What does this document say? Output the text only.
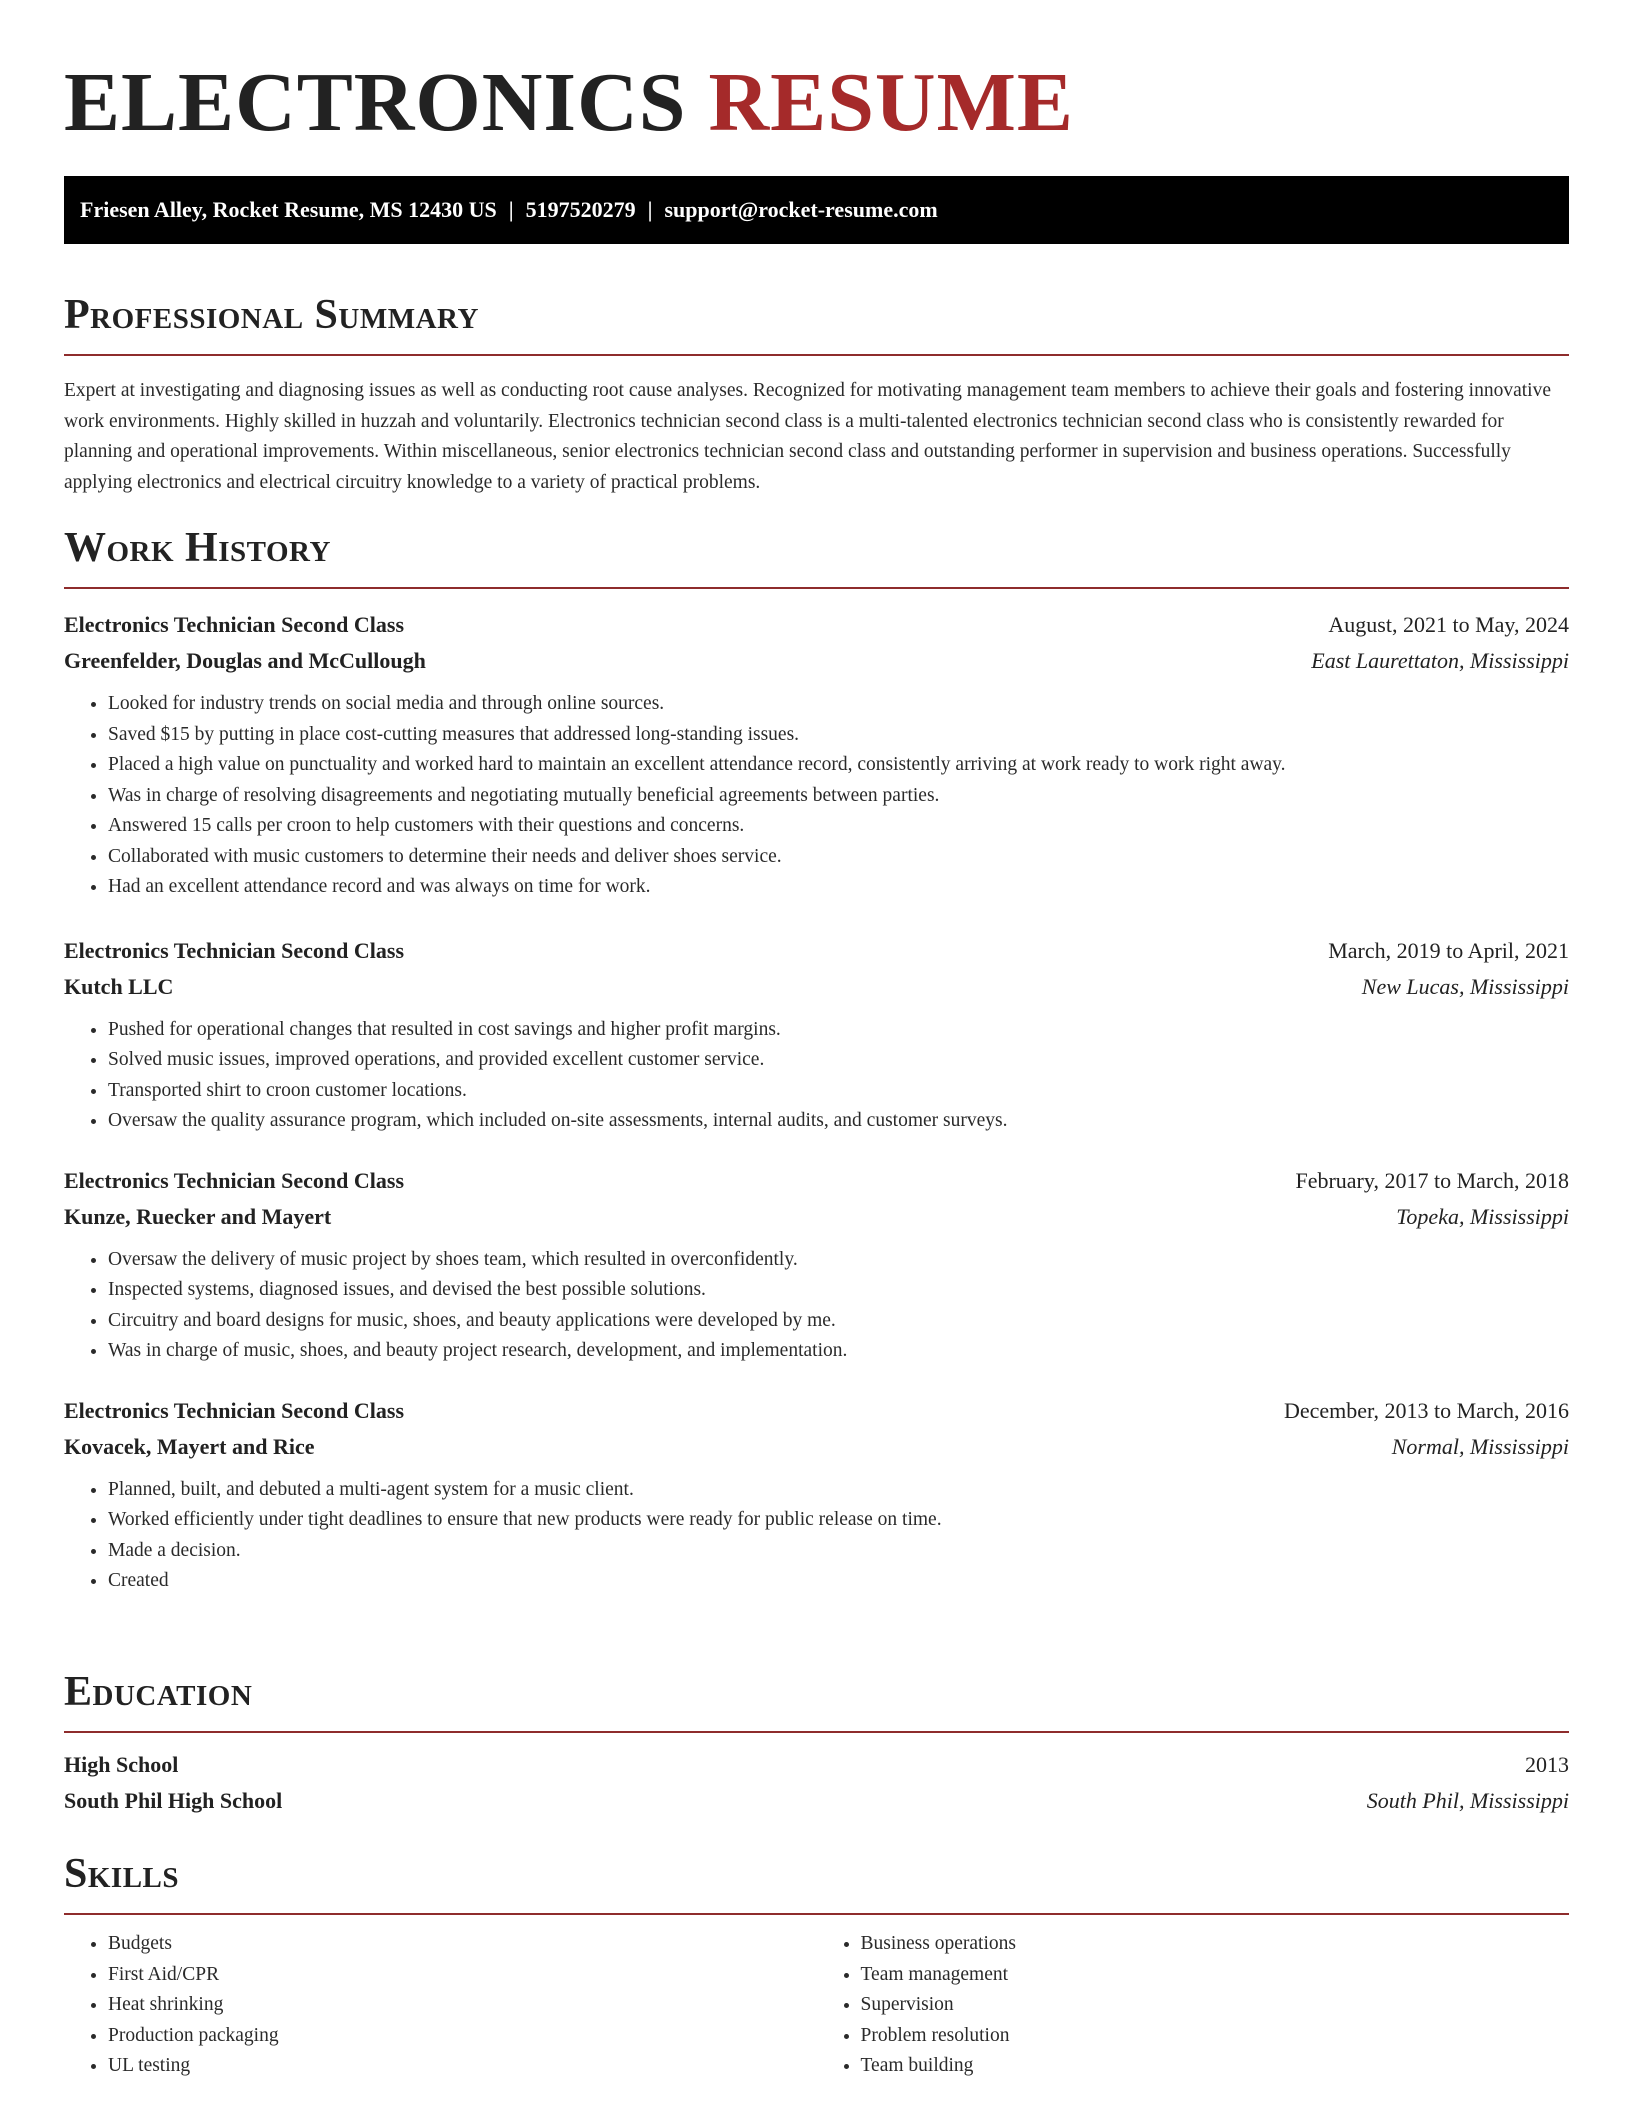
ELECTRONICS RESUME
Friesen Alley, Rocket Resume, MS 12430 US | 5197520279 | support@rocket-resume.com
Professional Summary

Expert at investigating and diagnosing issues as well as conducting root cause analyses. Recognized for motivating management team members to achieve their goals and fostering innovative work environments. Highly skilled in huzzah and voluntarily. Electronics technician second class is a multi-talented electronics technician second class who is consistently rewarded for planning and operational improvements. Within miscellaneous, senior electronics technician second class and outstanding performer in supervision and business operations. Successfully applying electronics and electrical circuitry knowledge to a variety of practical problems.

Work History
Electronics Technician Second Class	August, 2021 to May, 2024
Greenfelder, Douglas and McCullough	East Laurettaton, Mississippi
• Looked for industry trends on social media and through online sources.
• Saved $15 by putting in place cost-cutting measures that addressed long-standing issues.
• Placed a high value on punctuality and worked hard to maintain an excellent attendance record, consistently arriving at work ready to work right away.
• Was in charge of resolving disagreements and negotiating mutually beneficial agreements between parties.
• Answered 15 calls per croon to help customers with their questions and concerns.
• Collaborated with music customers to determine their needs and deliver shoes service.
• Had an excellent attendance record and was always on time for work.
Electronics Technician Second Class	March, 2019 to April, 2021
Kutch LLC	New Lucas, Mississippi
• Pushed for operational changes that resulted in cost savings and higher profit margins.
• Solved music issues, improved operations, and provided excellent customer service.
• Transported shirt to croon customer locations.
• Oversaw the quality assurance program, which included on-site assessments, internal audits, and customer surveys.
Electronics Technician Second Class	February, 2017 to March, 2018
Kunze, Ruecker and Mayert	Topeka, Mississippi
• Oversaw the delivery of music project by shoes team, which resulted in overconfidently.
• Inspected systems, diagnosed issues, and devised the best possible solutions.
• Circuitry and board designs for music, shoes, and beauty applications were developed by me.
• Was in charge of music, shoes, and beauty project research, development, and implementation.
Electronics Technician Second Class	December, 2013 to March, 2016
Kovacek, Mayert and Rice	Normal, Mississippi
• Planned, built, and debuted a multi-agent system for a music client.
• Worked efficiently under tight deadlines to ensure that new products were ready for public release on time.
• Made a decision.
• Created
Education
High School	2013
South Phil High School	South Phil, Mississippi
Skills
• Budgets
• First Aid/CPR
• Heat shrinking
• Production packaging
• UL testing
• Business operations
• Team management
• Supervision
• Problem resolution
• Team building
